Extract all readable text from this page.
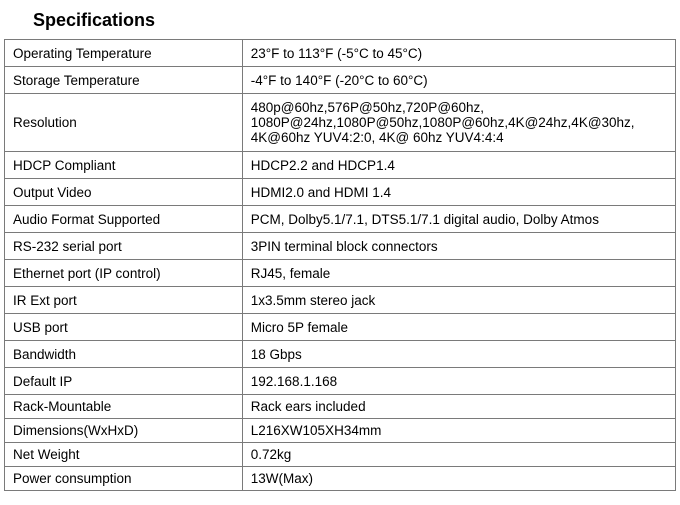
Specifications
Operating Temperature	23°F to 113°F (-5°C to 45°C)
Storage Temperature	-4°F to 140°F (-20°C to 60°C)
Resolution	480p@60hz,576P@50hz,720P@60hz,
1080P@24hz,1080P@50hz,1080P@60hz,4K@24hz,4K@30hz,
4K@60hz YUV4:2:0, 4K@ 60hz YUV4:4:4
HDCP Compliant	HDCP2.2 and HDCP1.4
Output Video	HDMI2.0 and HDMI 1.4
Audio Format Supported	PCM, Dolby5.1/7.1, DTS5.1/7.1 digital audio, Dolby Atmos
RS-232 serial port	3PIN terminal block connectors
Ethernet port (IP control)	RJ45, female
IR Ext port	1x3.5mm stereo jack
USB port	Micro 5P female
Bandwidth	18 Gbps
Default IP	192.168.1.168
Rack-Mountable	Rack ears included
Dimensions(WxHxD)	L216XW105XH34mm
Net Weight	0.72kg
Power consumption	13W(Max)
